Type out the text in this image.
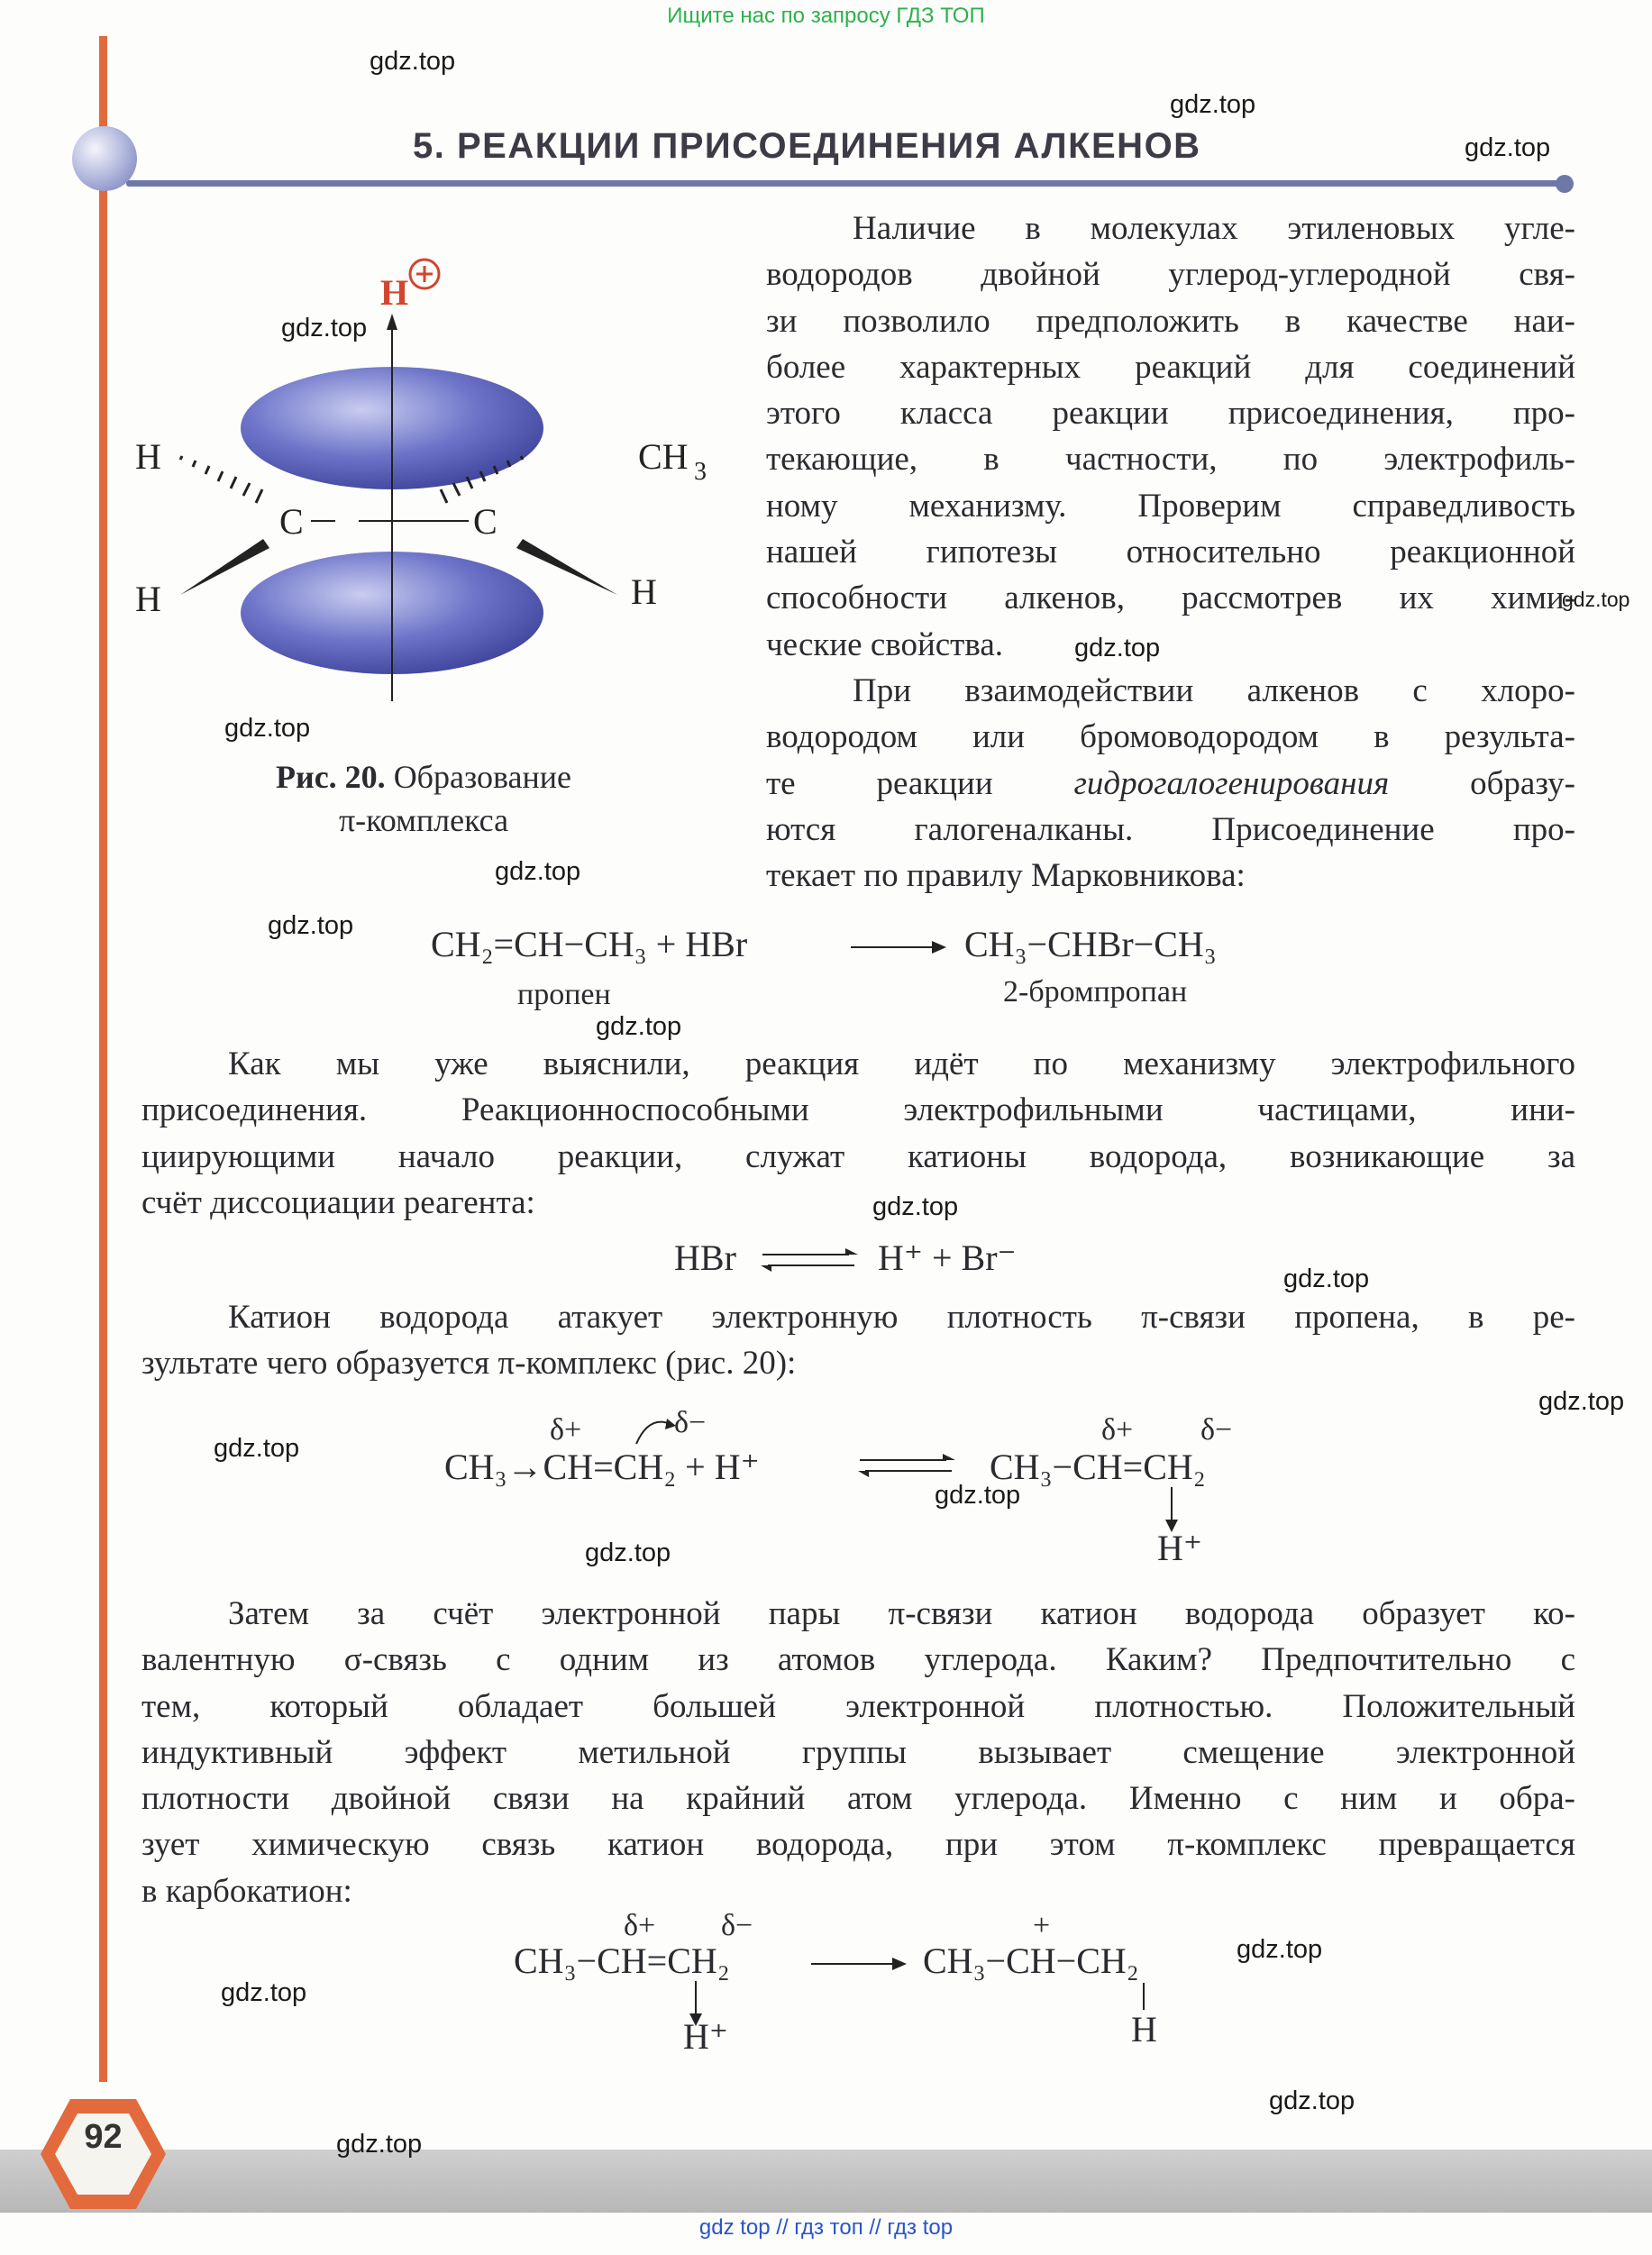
Ищите нас по запросу ГДЗ ТОП
gdz top // гдз топ // гдз top
5. РЕАКЦИИ ПРИСОЕДИНЕНИЯ АЛКЕНОВ
H
H
H	H
C	C
CH 3
Рис. 20. Образование
π-комплекса
Наличие в молекулах этиленовых угле-
водородов двойной углерод-углеродной свя-
зи позволило предположить в качестве наи-
более характерных реакций для соединений
этого класса реакции присоединения, про-
текающие, в частности, по электрофиль-
ному механизму. Проверим справедливость
нашей гипотезы относительно реакционной
способности алкенов, рассмотрев их хими-
ческие свойства.
При взаимодействии алкенов с хлоро-
водородом или бромоводородом в результа-
те реакции гидрогалогенирования образу-
ются галогеналканы. Присоединение про-
текает по правилу Марковникова:
CH₂=CH−CH₃ + HBr	CH₃−CHBr−CH₃
пропен	2-бромпропан
Как мы уже выяснили, реакция идёт по механизму электрофильного
присоединения. Реакционноспособными электрофильными частицами, ини-
циирующими начало реакции, служат катионы водорода, возникающие за
счёт диссоциации реагента:
HBr	H⁺ + Br⁻
Катион водорода атакует электронную плотность π-связи пропена, в ре-
зультате чего образуется π-комплекс (рис. 20):
δ+	δ−
CH₃→CH=CH₂ + H⁺
δ+ δ−
CH₃−CH=CH₂
H⁺
Затем за счёт электронной пары π-связи катион водорода образует ко-
валентную σ-связь с одним из атомов углерода. Каким? Предпочтительно с
тем, который обладает большей электронной плотностью. Положительный
индуктивный эффект метильной группы вызывает смещение электронной
плотности двойной связи на крайний атом углерода. Именно с ним и обра-
зует химическую связь катион водорода, при этом π-комплекс превращается
в карбокатион:
δ+ δ−
CH₃−CH=CH₂
H⁺
+
CH₃−CH−CH₂
H
92
gdz.top
gdz.top
gdz.top
gdz.top
gdz.top
gdz.top
gdz.top
gdz.top
gdz.top
gdz.top
gdz.top
gdz.top
gdz.top
gdz.top
gdz.top
gdz.top
gdz.top
gdz.top
gdz.top
gdz.top
